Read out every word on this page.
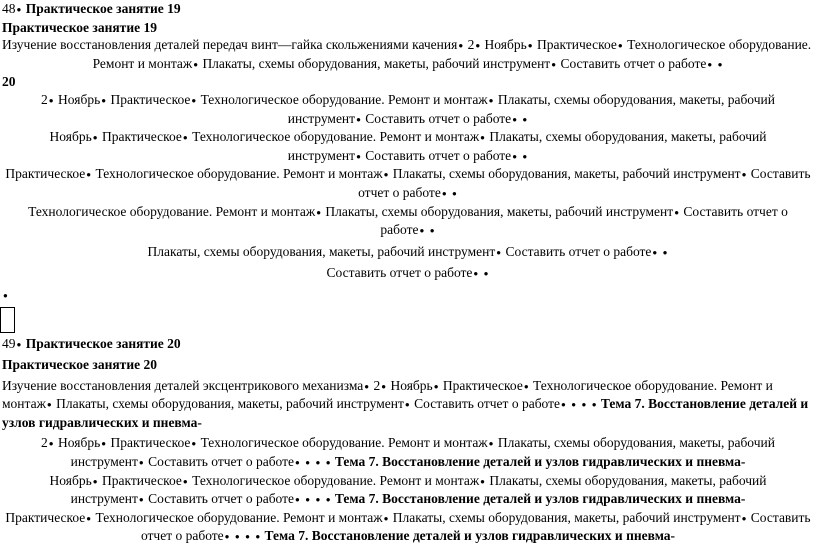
48 ● Практическое занятие 19
Практическое занятие 19
Изучение восстановления деталей передач винт—гайка скольжениями качения● 2● Ноябрь● Практическое● Технологическое оборудование.
Ремонт и монтаж● Плакаты, схемы оборудования, макеты, рабочий инструмент● Составить отчет о работе● ●
20
2● Ноябрь● Практическое● Технологическое оборудование. Ремонт и монтаж● Плакаты, схемы оборудования, макеты, рабочий
инструмент● Составить отчет о работе● ●
Ноябрь● Практическое● Технологическое оборудование. Ремонт и монтаж● Плакаты, схемы оборудования, макеты, рабочий
инструмент● Составить отчет о работе● ●
Практическое● Технологическое оборудование. Ремонт и монтаж● Плакаты, схемы оборудования, макеты, рабочий инструмент● Составить
отчет о работе● ●
Технологическое оборудование. Ремонт и монтаж● Плакаты, схемы оборудования, макеты, рабочий инструмент● Составить отчет о
работе● ●
Плакаты, схемы оборудования, макеты, рабочий инструмент● Составить отчет о работе● ●
Составить отчет о работе● ●
●
49 ● Практическое занятие 20
Практическое занятие 20
Изучение восстановления деталей эксцентрикового механизма● 2● Ноябрь● Практическое● Технологическое оборудование. Ремонт и
монтаж● Плакаты, схемы оборудования, макеты, рабочий инструмент● Составить отчет о работе ● ● ● ●	Тема 7. Восстановление деталей и
узлов гидравлических и пневма-
2● Ноябрь● Практическое● Технологическое оборудование. Ремонт и монтаж● Плакаты, схемы оборудования, макеты, рабочий
инструмент● Составить отчет о работе ● ● ● ●	Тема 7. Восстановление деталей и узлов гидравлических и пневма-
Ноябрь● Практическое● Технологическое оборудование. Ремонт и монтаж● Плакаты, схемы оборудования, макеты, рабочий
инструмент● Составить отчет о работе ● ● ● ●	Тема 7. Восстановление деталей и узлов гидравлических и пневма-
Практическое● Технологическое оборудование. Ремонт и монтаж● Плакаты, схемы оборудования, макеты, рабочий инструмент● Составить
отчет о работе ● ● ● ●	Тема 7. Восстановление деталей и узлов гидравлических и пневма-
